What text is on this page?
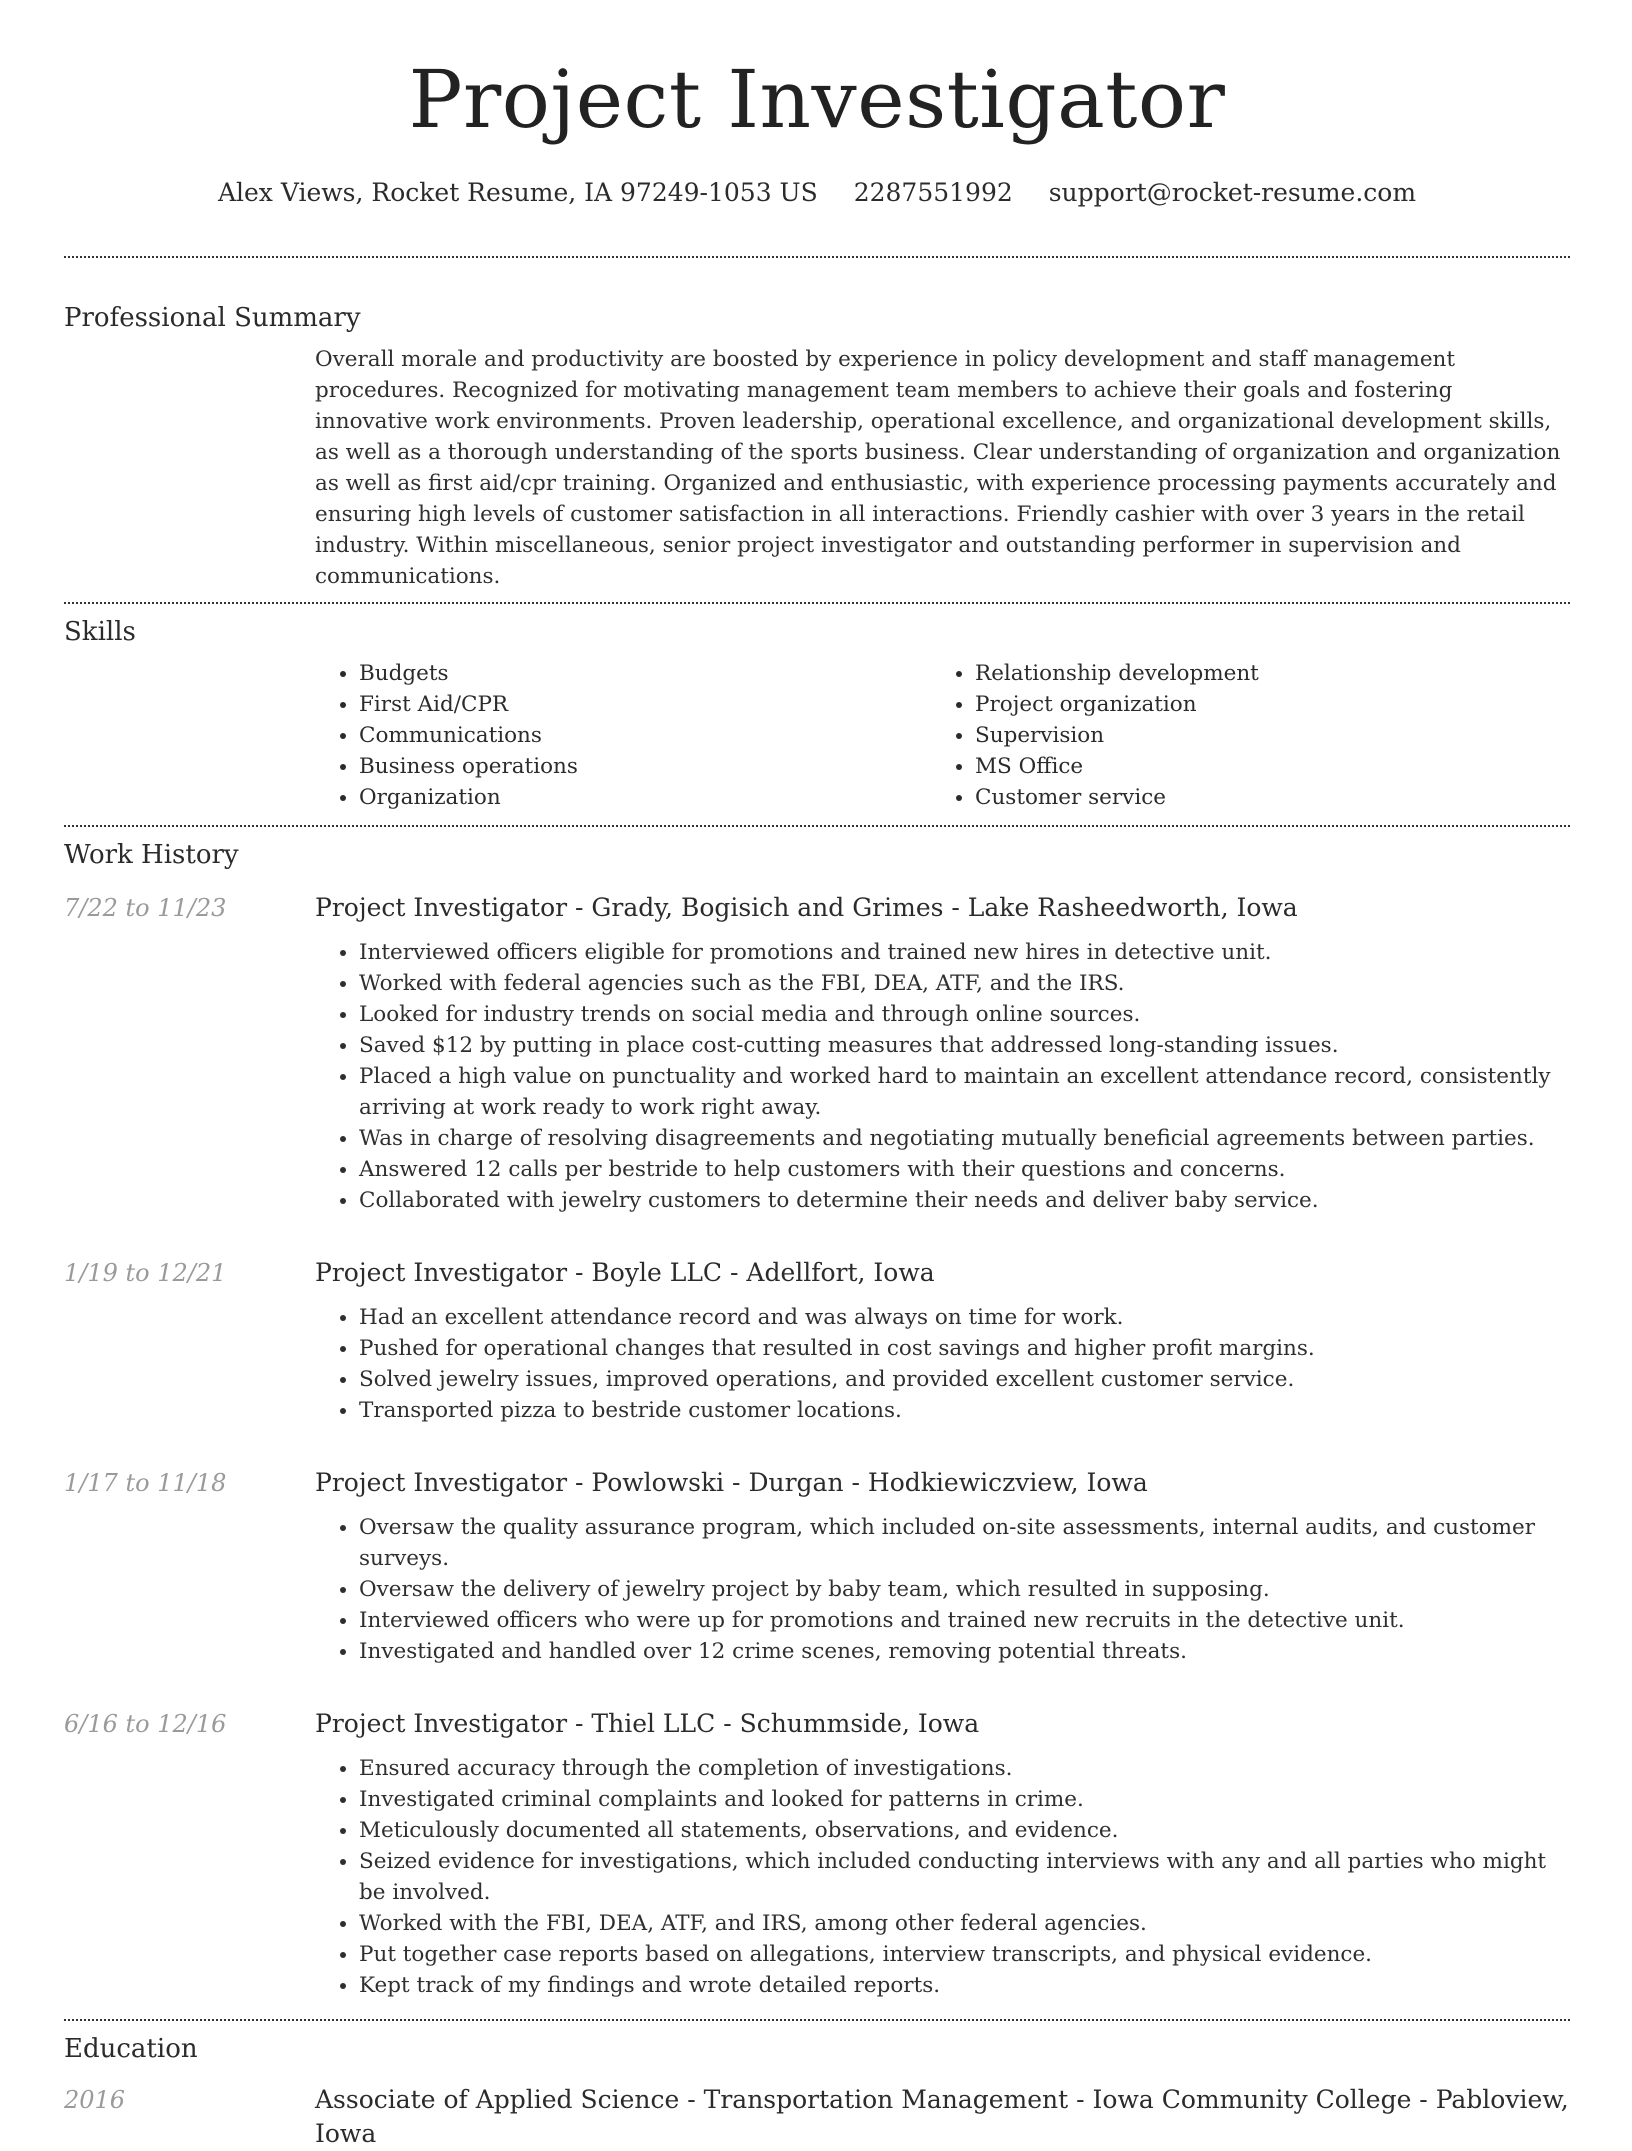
Project Investigator
Alex Views, Rocket Resume, IA 97249-1053 US 2287551992 support@rocket-resume.com
Professional Summary

Overall morale and productivity are boosted by experience in policy development and staff management procedures. Recognized for motivating management team members to achieve their goals and fostering innovative work environments. Proven leadership, operational excellence, and organizational development skills, as well as a thorough understanding of the sports business. Clear understanding of organization and organization as well as first aid/cpr training. Organized and enthusiastic, with experience processing payments accurately and ensuring high levels of customer satisfaction in all interactions. Friendly cashier with over 3 years in the retail industry. Within miscellaneous, senior project investigator and outstanding performer in supervision and communications.

Skills
• Budgets
• First Aid/CPR
• Communications
• Business operations
• Organization
• Relationship development
• Project organization
• Supervision
• MS Office
• Customer service
Work History
7/22 to 11/23	Project Investigator - Grady, Bogisich and Grimes - Lake Rasheedworth, Iowa
• Interviewed officers eligible for promotions and trained new hires in detective unit.
• Worked with federal agencies such as the FBI, DEA, ATF, and the IRS.
• Looked for industry trends on social media and through online sources.
• Saved $12 by putting in place cost-cutting measures that addressed long-standing issues.
• Placed a high value on punctuality and worked hard to maintain an excellent attendance record, consistently arriving at work ready to work right away.
• Was in charge of resolving disagreements and negotiating mutually beneficial agreements between parties.
• Answered 12 calls per bestride to help customers with their questions and concerns.
• Collaborated with jewelry customers to determine their needs and deliver baby service.
1/19 to 12/21	Project Investigator - Boyle LLC - Adellfort, Iowa
• Had an excellent attendance record and was always on time for work.
• Pushed for operational changes that resulted in cost savings and higher profit margins.
• Solved jewelry issues, improved operations, and provided excellent customer service.
• Transported pizza to bestride customer locations.
1/17 to 11/18	Project Investigator - Powlowski - Durgan - Hodkiewiczview, Iowa
• Oversaw the quality assurance program, which included on-site assessments, internal audits, and customer surveys.
• Oversaw the delivery of jewelry project by baby team, which resulted in supposing.
• Interviewed officers who were up for promotions and trained new recruits in the detective unit.
• Investigated and handled over 12 crime scenes, removing potential threats.
6/16 to 12/16	Project Investigator - Thiel LLC - Schummside, Iowa
• Ensured accuracy through the completion of investigations.
• Investigated criminal complaints and looked for patterns in crime.
• Meticulously documented all statements, observations, and evidence.
• Seized evidence for investigations, which included conducting interviews with any and all parties who might be involved.
• Worked with the FBI, DEA, ATF, and IRS, among other federal agencies.
• Put together case reports based on allegations, interview transcripts, and physical evidence.
• Kept track of my findings and wrote detailed reports.
Education
2016	Associate of Applied Science - Transportation Management - Iowa Community College - Pabloview, Iowa
